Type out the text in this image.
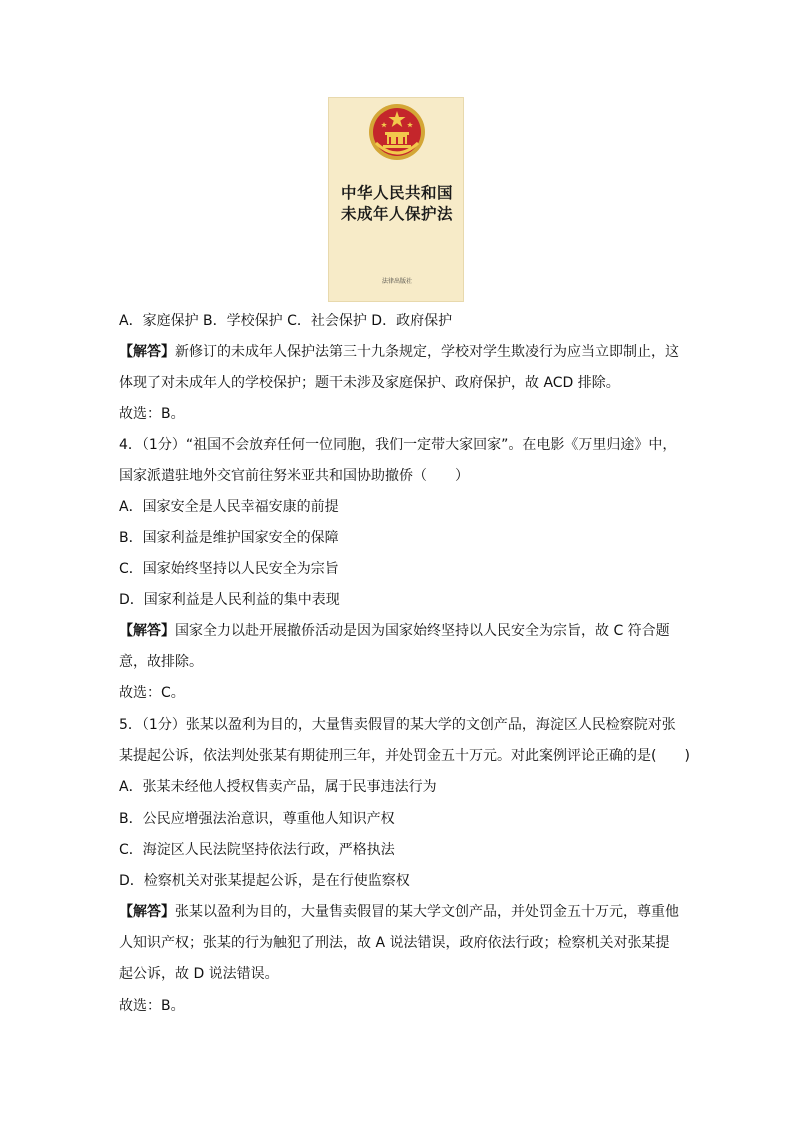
中华人民共和国
未成年人保护法
法律出版社
A．家庭保护 B．学校保护 C．社会保护 D．政府保护
【解答】新修订的未成年人保护法第三十九条规定，学校对学生欺凌行为应当立即制止，这
体现了对未成年人的学校保护；题干未涉及家庭保护、政府保护，故 ACD 排除。
故选：B。
4．（1分）“祖国不会放弃任何一位同胞，我们一定带大家回家”。在电影《万里归途》中，
国家派遣驻地外交官前往努米亚共和国协助撤侨（　　）
A．国家安全是人民幸福安康的前提
B．国家利益是维护国家安全的保障
C．国家始终坚持以人民安全为宗旨
D．国家利益是人民利益的集中表现
【解答】国家全力以赴开展撤侨活动是因为国家始终坚持以人民安全为宗旨，故 C 符合题
意，故排除。
故选：C。
5．（1分）张某以盈利为目的，大量售卖假冒的某大学的文创产品，海淀区人民检察院对张
某提起公诉，依法判处张某有期徒刑三年，并处罚金五十万元。对此案例评论正确的是(　　)
A．张某未经他人授权售卖产品，属于民事违法行为
B．公民应增强法治意识，尊重他人知识产权
C．海淀区人民法院坚持依法行政，严格执法
D．检察机关对张某提起公诉，是在行使监察权
【解答】张某以盈利为目的，大量售卖假冒的某大学文创产品，并处罚金五十万元，尊重他
人知识产权；张某的行为触犯了刑法，故 A 说法错误，政府依法行政；检察机关对张某提
起公诉，故 D 说法错误。
故选：B。
